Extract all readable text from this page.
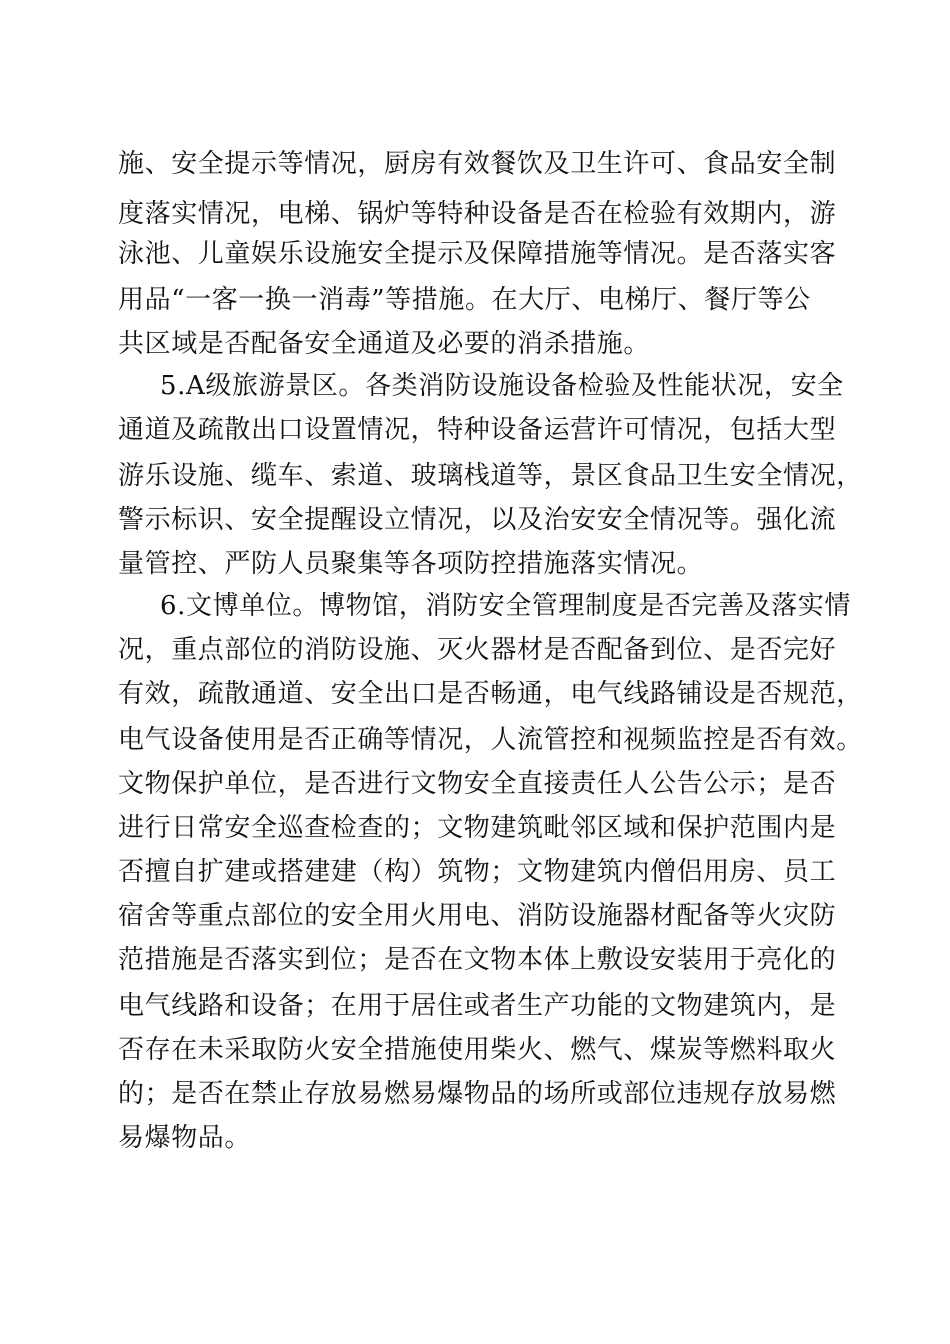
施、安全提示等情况，厨房有效餐饮及卫生许可、食品安全制
度落实情况，电梯、锅炉等特种设备是否在检验有效期内，游
泳池、儿童娱乐设施安全提示及保障措施等情况。是否落实客
用品“一客一换一消毒”等措施。在大厅、电梯厅、餐厅等公
共区域是否配备安全通道及必要的消杀措施。
5.A级旅游景区。各类消防设施设备检验及性能状况，安全
通道及疏散出口设置情况，特种设备运营许可情况，包括大型
游乐设施、缆车、索道、玻璃栈道等，景区食品卫生安全情况，
警示标识、安全提醒设立情况，以及治安安全情况等。强化流
量管控、严防人员聚集等各项防控措施落实情况。
6.文博单位。博物馆，消防安全管理制度是否完善及落实情
况，重点部位的消防设施、灭火器材是否配备到位、是否完好
有效，疏散通道、安全出口是否畅通，电气线路铺设是否规范，
电气设备使用是否正确等情况，人流管控和视频监控是否有效。
文物保护单位，是否进行文物安全直接责任人公告公示；是否
进行日常安全巡查检查的；文物建筑毗邻区域和保护范围内是
否擅自扩建或搭建建（构）筑物；文物建筑内僧侣用房、员工
宿舍等重点部位的安全用火用电、消防设施器材配备等火灾防
范措施是否落实到位；是否在文物本体上敷设安装用于亮化的
电气线路和设备；在用于居住或者生产功能的文物建筑内，是
否存在未采取防火安全措施使用柴火、燃气、煤炭等燃料取火
的；是否在禁止存放易燃易爆物品的场所或部位违规存放易燃
易爆物品。
